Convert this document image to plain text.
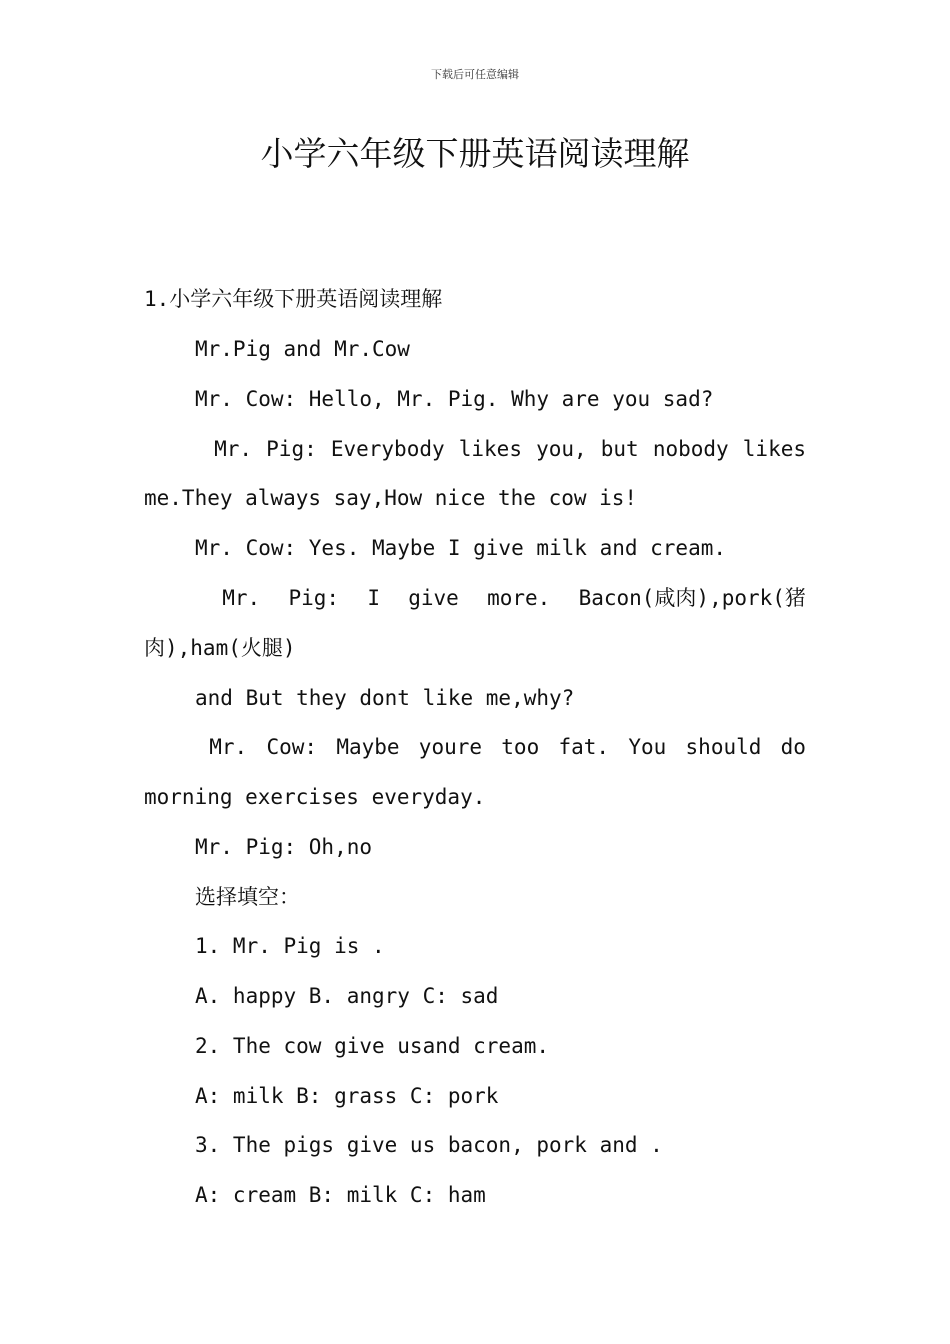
下载后可任意编辑
小学六年级下册英语阅读理解
1.小学六年级下册英语阅读理解
Mr.Pig and Mr.Cow
Mr. Cow: Hello, Mr. Pig. Why are you sad?
Mr. Pig: Everybody likes you, but nobody likes
me.They always say,How nice the cow is!
Mr. Cow: Yes. Maybe I give milk and cream.
Mr. Pig: I give more. Bacon(咸肉),pork(猪
肉),ham(火腿)
and But they dont like me,why?
Mr. Cow: Maybe youre too fat. You should do
morning exercises everyday.
Mr. Pig: Oh,no
选择填空：
1. Mr. Pig is .
A. happy B. angry C: sad
2. The cow give usand cream.
A: milk B: grass C: pork
3. The pigs give us bacon, pork and .
A: cream B: milk C: ham
